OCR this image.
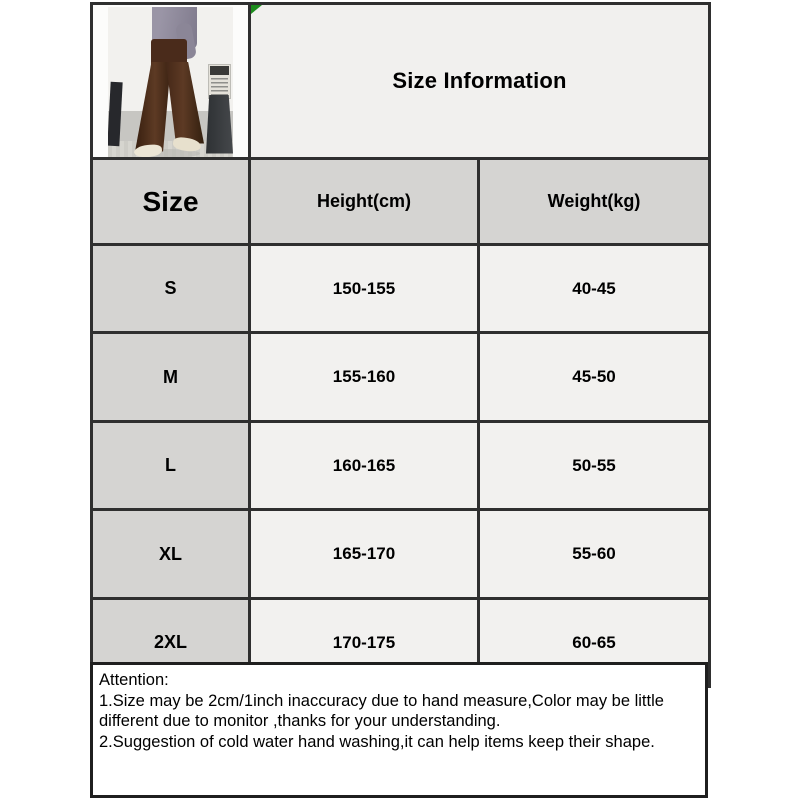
Size Information	
Size	Height(cm)	Weight(kg)
S	150-155	40-45
M	155-160	45-50
L	160-165	50-55
XL	165-170	55-60
2XL	170-175	60-65
Attention:
1.Size may be 2cm/1inch inaccuracy due to hand measure,Color may be little
different due to monitor ,thanks for your understanding.
2.Suggestion of cold water hand washing,it can help items keep their shape.
